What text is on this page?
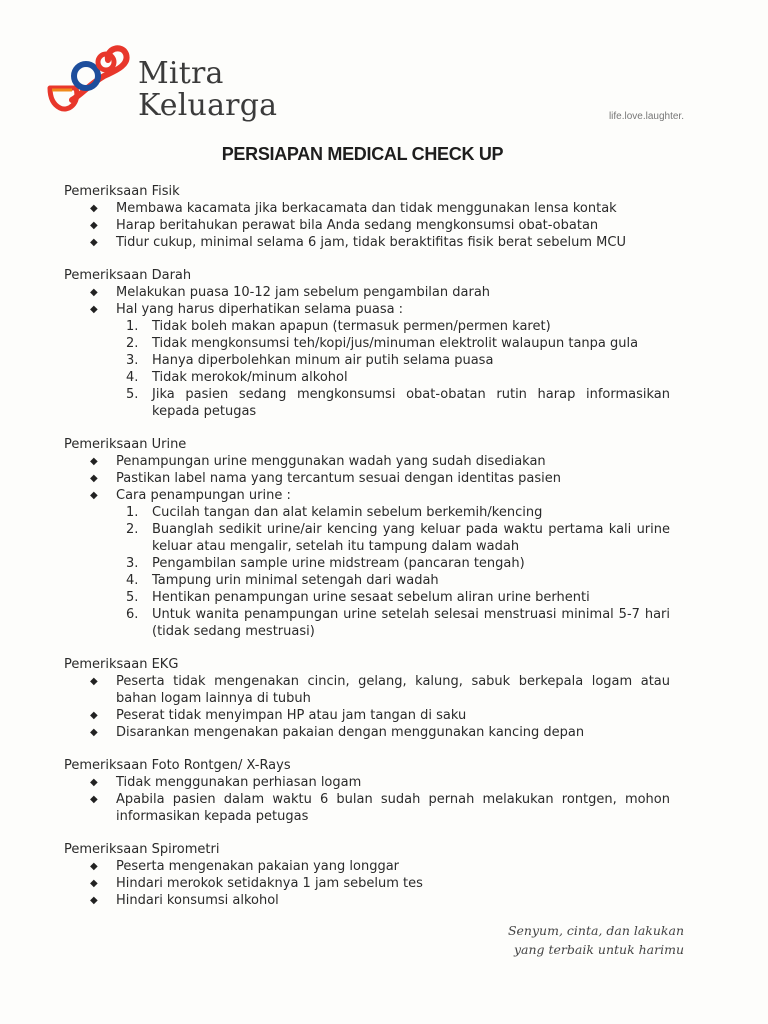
Mitra
Keluarga	life.love.laughter.
PERSIAPAN MEDICAL CHECK UP
Pemeriksaan Fisik
◆ Membawa kacamata jika berkacamata dan tidak menggunakan lensa kontak
◆ Harap beritahukan perawat bila Anda sedang mengkonsumsi obat-obatan
◆ Tidur cukup, minimal selama 6 jam, tidak beraktifitas fisik berat sebelum MCU
Pemeriksaan Darah
◆ Melakukan puasa 10-12 jam sebelum pengambilan darah
◆ Hal yang harus diperhatikan selama puasa :
1. Tidak boleh makan apapun (termasuk permen/permen karet)
2. Tidak mengkonsumsi teh/kopi/jus/minuman elektrolit walaupun tanpa gula
3. Hanya diperbolehkan minum air putih selama puasa
4. Tidak merokok/minum alkohol
5. Jika pasien sedang mengkonsumsi obat-obatan rutin harap informasikan kepada petugas
Pemeriksaan Urine
◆ Penampungan urine menggunakan wadah yang sudah disediakan
◆ Pastikan label nama yang tercantum sesuai dengan identitas pasien
◆ Cara penampungan urine :
1. Cucilah tangan dan alat kelamin sebelum berkemih/kencing
2. Buanglah sedikit urine/air kencing yang keluar pada waktu pertama kali urine keluar atau mengalir, setelah itu tampung dalam wadah
3. Pengambilan sample urine midstream (pancaran tengah)
4. Tampung urin minimal setengah dari wadah
5. Hentikan penampungan urine sesaat sebelum aliran urine berhenti
6. Untuk wanita penampungan urine setelah selesai menstruasi minimal 5-7 hari (tidak sedang mestruasi)
Pemeriksaan EKG
◆ Peserta tidak mengenakan cincin, gelang, kalung, sabuk berkepala logam atau bahan logam lainnya di tubuh
◆ Peserat tidak menyimpan HP atau jam tangan di saku
◆ Disarankan mengenakan pakaian dengan menggunakan kancing depan
Pemeriksaan Foto Rontgen/ X-Rays
◆ Tidak menggunakan perhiasan logam
◆ Apabila pasien dalam waktu 6 bulan sudah pernah melakukan rontgen, mohon informasikan kepada petugas
Pemeriksaan Spirometri
◆ Peserta mengenakan pakaian yang longgar
◆ Hindari merokok setidaknya 1 jam sebelum tes
◆ Hindari konsumsi alkohol
Senyum, cinta, dan lakukan
yang terbaik untuk harimu
